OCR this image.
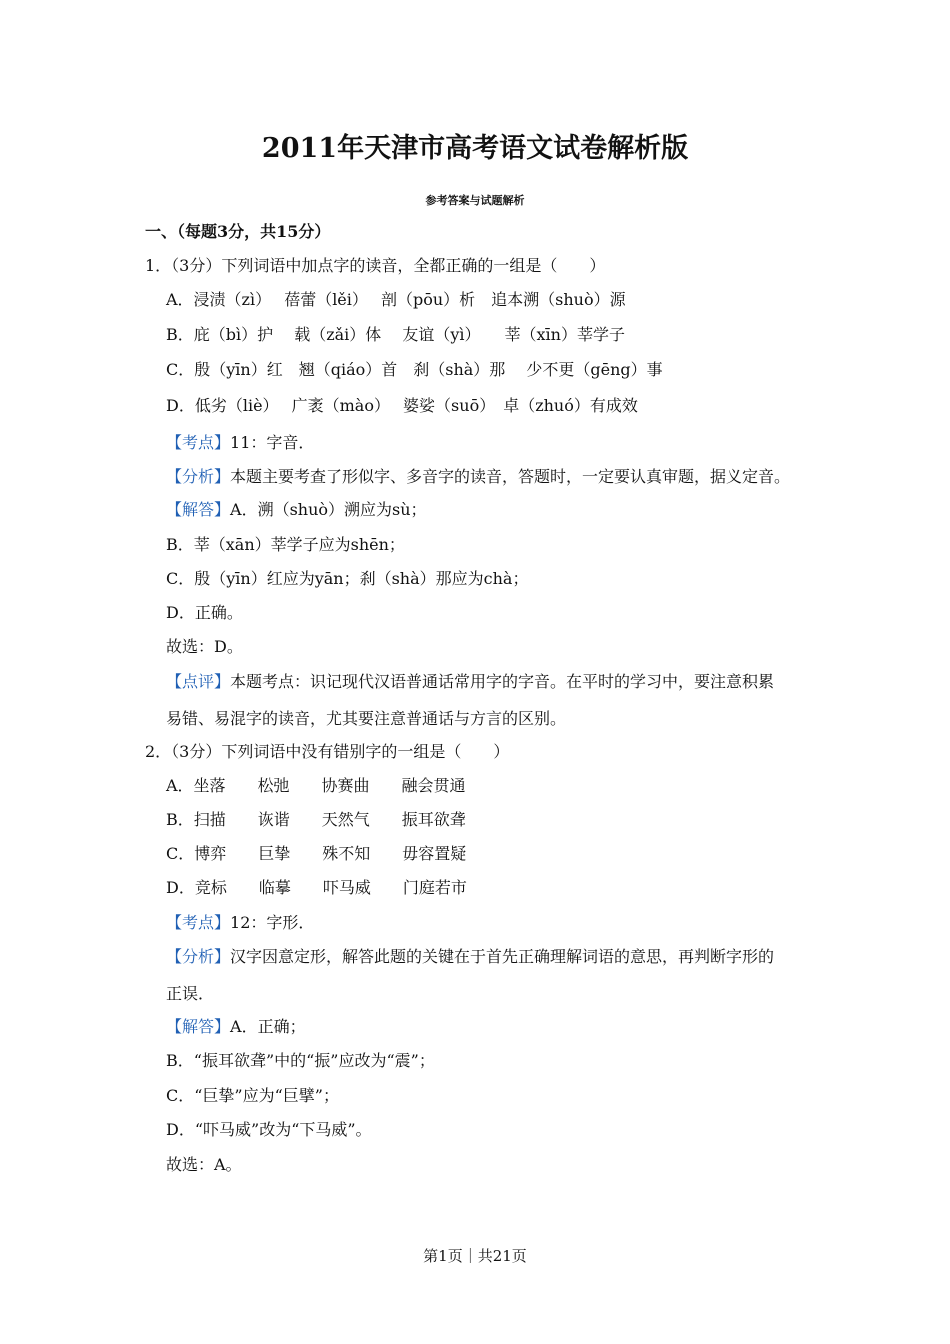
2011年天津市高考语文试卷解析版
参考答案与试题解析
一、（每题3分，共15分）
1．（3分）下列词语中加点字的读音，全都正确的一组是（　　）
A．浸渍（zì）　 蓓蕾（lěi）　 剖（pōu）析　追本溯（shuò）源
B．庇（bì）护　 载（zǎi）体　 友谊（yì）　　莘（xīn）莘学子
C．殷（yīn）红　翘（qiáo）首　刹（shà）那　 少不更（gēng）事
D．低劣（liè）　 广袤（mào）　 婆娑（suō）　卓（zhuó）有成效
【考点】11：字音．
【分析】本题主要考查了形似字、多音字的读音，答题时，一定要认真审题，据义定音。
【解答】A．溯（shuò）溯应为sù；
B．莘（xān）莘学子应为shēn；
C．殷（yīn）红应为yān；刹（shà）那应为chà；
D．正确。
故选：D。
【点评】本题考点：识记现代汉语普通话常用字的字音。在平时的学习中，要注意积累
易错、易混字的读音，尤其要注意普通话与方言的区别。
2．（3分）下列词语中没有错别字的一组是（　　）
A．坐落　　松弛　　协赛曲　　融会贯通
B．扫描　　诙谐　　天然气　　振耳欲聋
C．博弈　　巨挚　　殊不知　　毋容置疑
D．竞标　　临摹　　吓马威　　门庭若市
【考点】12：字形．
【分析】汉字因意定形，解答此题的关键在于首先正确理解词语的意思，再判断字形的
正误．
【解答】A．正确；
B．“振耳欲聋”中的“振”应改为“震”；
C．“巨挚”应为“巨擘”；
D．“吓马威”改为“下马威”。
故选：A。
第1页｜共21页
